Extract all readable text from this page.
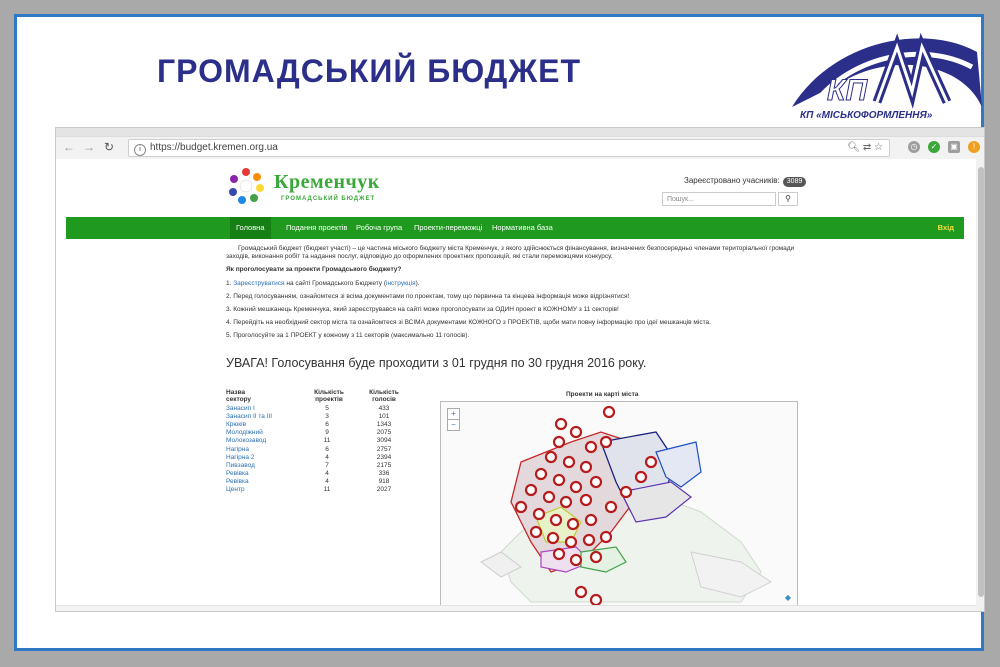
ГРОМАДСЬКИЙ БЮДЖЕТ
КП
КП «МІСЬКОФОРМЛЕННЯ»
← → ↻	i https://budget.kremen.org.ua	🔍︎ ⇄ ☆	◷	✓	▣	!
Кременчук
ГРОМАДСЬКИЙ БЮДЖЕТ
Зареєстровано учасників: 3089
Пошук...	⚲
Головна	Подання проектів	Робоча група	Проекти-переможці	Нормативна база	Вхід

Громадський бюджет (бюджет участі) – це частина міського бюджету міста Кременчук, з якого здійснюється фінансування, визначених безпосередньо членами територіальної громади заходів, виконання робіт та надання послуг, відповідно до оформлених проектних пропозицій, які стали переможцями конкурсу.

Як проголосувати за проекти Громадського бюджету?

1. Зареєструватися на сайті Громадського Бюджету (інструкція).

2. Перед голосуванням, ознайомтеся зі всіма документами по проектам, тому що первинна та кінцева інформація може відрізнятися!

3. Кожний мешканець Кременчука, який зареєструвався на сайті може проголосувати за ОДИН проект в КОЖНОМУ з 11 секторів!

4. Перейдіть на необхідний сектор міста та ознайомтеся зі ВСІМА документами КОЖНОГО з ПРОЕКТІВ, щоби мати повну інформацію про ідеї мешканців міста.

5. Проголосуйте за 1 ПРОЕКТ у кожному з 11 секторів (максимально 11 голосів).

УВАГА! Голосування буде проходити з 01 грудня по 30 грудня 2016 року.
Назва сектору
Кількість проектів
Кількість голосів
Занасип I	5	433
Занасип II та III	3	101
Крюків	6	1343
Молодіжний	9	2075
Молокозавод	11	3094
Нагірна	6	2757
Нагірна 2	4	2394
Пивзавод	7	2175
Ревівка	4	336
Ревівка	4	918
Центр	11	2027
Проекти на карті міста
+
−
◆
